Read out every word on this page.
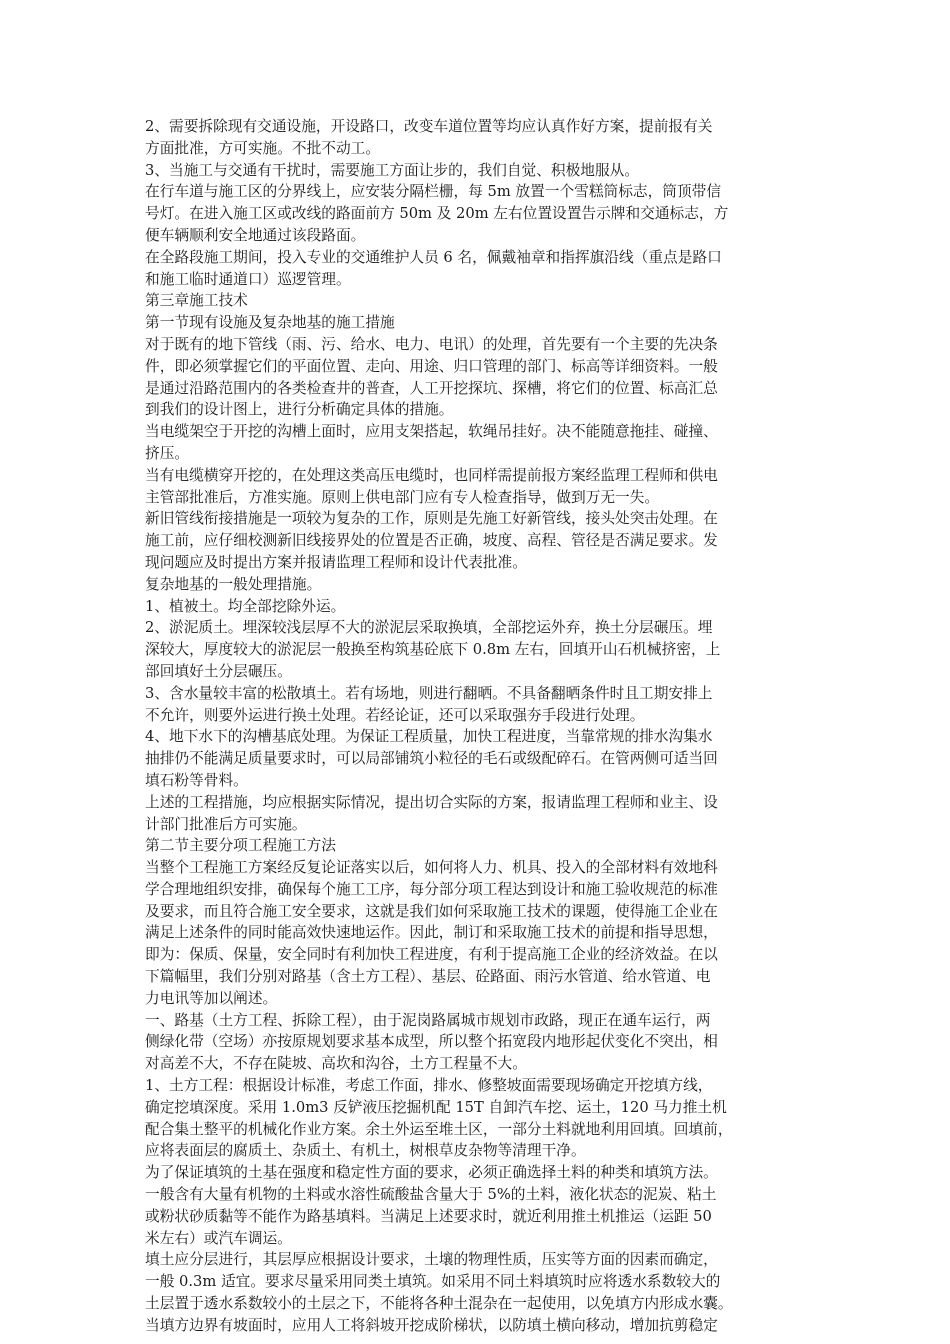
2、需要拆除现有交通设施，开设路口，改变车道位置等均应认真作好方案，提前报有关
方面批准，方可实施。不批不动工。
3、当施工与交通有干扰时，需要施工方面让步的，我们自觉、积极地服从。
在行车道与施工区的分界线上，应安装分隔栏栅，每 5m 放置一个雪糕筒标志，筒顶带信
号灯。在进入施工区或改线的路面前方 50m 及 20m 左右位置设置告示牌和交通标志，方
便车辆顺利安全地通过该段路面。
在全路段施工期间，投入专业的交通维护人员 6 名，佩戴袖章和指挥旗沿线（重点是路口
和施工临时通道口）巡逻管理。
第三章施工技术
第一节现有设施及复杂地基的施工措施
对于既有的地下管线（雨、污、给水、电力、电讯）的处理，首先要有一个主要的先决条
件，即必须掌握它们的平面位置、走向、用途、归口管理的部门、标高等详细资料。一般
是通过沿路范围内的各类检查井的普查，人工开挖探坑、探槽，将它们的位置、标高汇总
到我们的设计图上，进行分析确定具体的措施。
当电缆架空于开挖的沟槽上面时，应用支架搭起，软绳吊挂好。决不能随意拖挂、碰撞、
挤压。
当有电缆横穿开挖的，在处理这类高压电缆时，也同样需提前报方案经监理工程师和供电
主管部批准后，方准实施。原则上供电部门应有专人检查指导，做到万无一失。
新旧管线衔接措施是一项较为复杂的工作，原则是先施工好新管线，接头处突击处理。在
施工前，应仔细校测新旧线接界处的位置是否正确，坡度、高程、管径是否满足要求。发
现问题应及时提出方案并报请监理工程师和设计代表批准。
复杂地基的一般处理措施。
1、植被土。均全部挖除外运。
2、淤泥质土。埋深较浅层厚不大的淤泥层采取换填，全部挖运外弃，换土分层碾压。埋
深较大，厚度较大的淤泥层一般换至构筑基砼底下 0.8m 左右，回填开山石机械挤密，上
部回填好土分层碾压。
3、含水量较丰富的松散填土。若有场地，则进行翻晒。不具备翻晒条件时且工期安排上
不允许，则要外运进行换土处理。若经论证，还可以采取强夯手段进行处理。
4、地下水下的沟槽基底处理。为保证工程质量，加快工程进度，当靠常规的排水沟集水
抽排仍不能满足质量要求时，可以局部铺筑小粒径的毛石或级配碎石。在管两侧可适当回
填石粉等骨料。
上述的工程措施，均应根据实际情况，提出切合实际的方案，报请监理工程师和业主、设
计部门批准后方可实施。
第二节主要分项工程施工方法
当整个工程施工方案经反复论证落实以后，如何将人力、机具、投入的全部材料有效地科
学合理地组织安排，确保每个施工工序，每分部分项工程达到设计和施工验收规范的标准
及要求，而且符合施工安全要求，这就是我们如何采取施工技术的课题，使得施工企业在
满足上述条件的同时能高效快速地运作。因此，制订和采取施工技术的前提和指导思想，
即为：保质、保量，安全同时有利加快工程进度，有利于提高施工企业的经济效益。在以
下篇幅里，我们分别对路基（含土方工程）、基层、砼路面、雨污水管道、给水管道、电
力电讯等加以阐述。
一、路基（土方工程、拆除工程），由于泥岗路属城市规划市政路，现正在通车运行，两
侧绿化带（空场）亦按原规划要求基本成型，所以整个拓宽段内地形起伏变化不突出，相
对高差不大，不存在陡坡、高坎和沟谷，土方工程量不大。
1、土方工程：根据设计标准，考虑工作面，排水、修整坡面需要现场确定开挖填方线，
确定挖填深度。采用 1.0m3 反铲液压挖掘机配 15T 自卸汽车挖、运土，120 马力推土机
配合集土整平的机械化作业方案。余土外运至堆土区，一部分土料就地利用回填。回填前，
应将表面层的腐质土、杂质土、有机土，树根草皮杂物等清理干净。
为了保证填筑的土基在强度和稳定性方面的要求，必须正确选择土料的种类和填筑方法。
一般含有大量有机物的土料或水溶性硫酸盐含量大于 5%的土料，液化状态的泥炭、粘土
或粉状砂质黏等不能作为路基填料。当满足上述要求时，就近利用推土机推运（运距 50
米左右）或汽车调运。
填土应分层进行，其层厚应根据设计要求，土壤的物理性质，压实等方面的因素而确定，
一般 0.3m 适宜。要求尽量采用同类土填筑。如采用不同土料填筑时应将透水系数较大的
土层置于透水系数较小的土层之下，不能将各种土混杂在一起使用，以免填方内形成水囊。
当填方边界有坡面时，应用人工将斜坡开挖成阶梯状，以防填土横向移动，增加抗剪稳定
